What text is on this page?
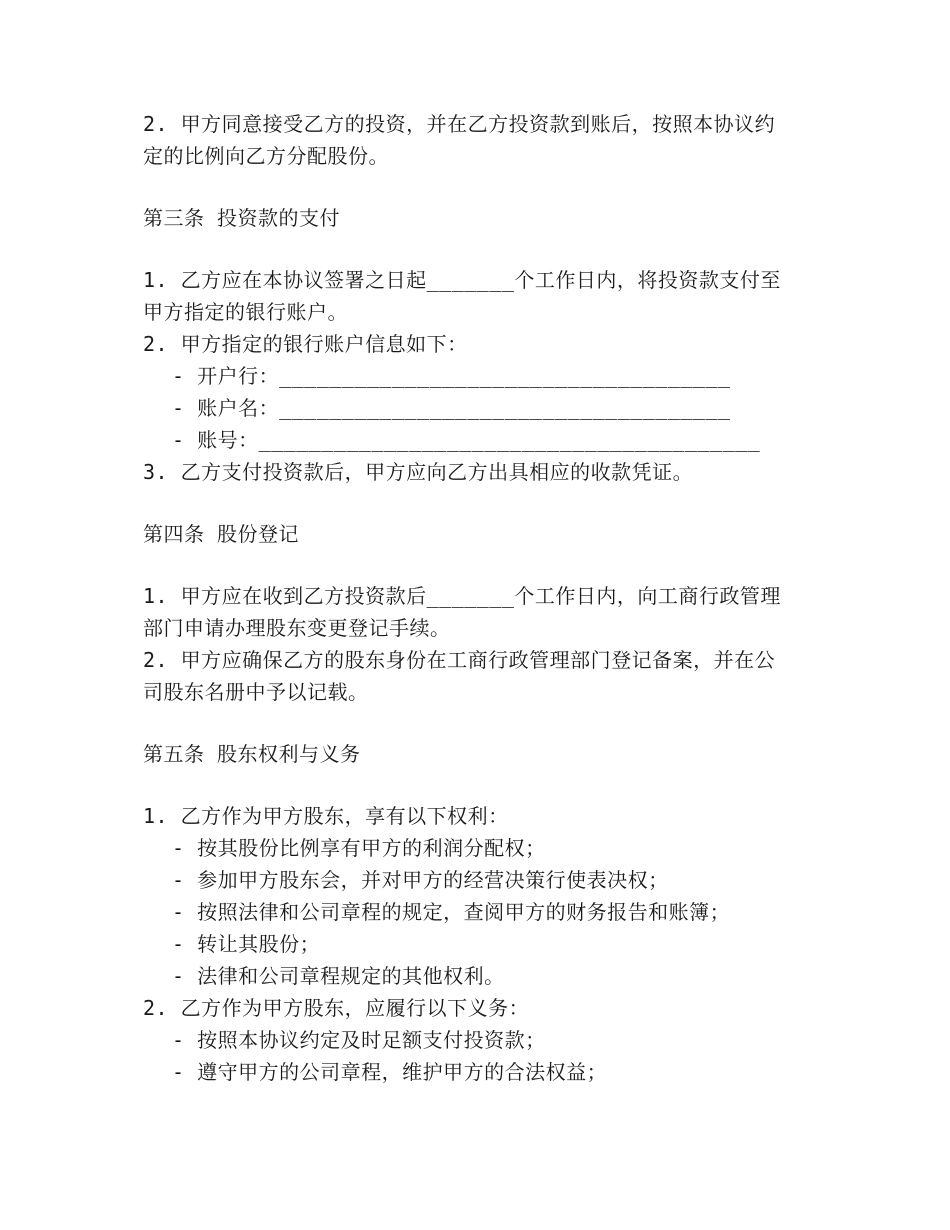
2. 甲方同意接受乙方的投资，并在乙方投资款到账后，按照本协议约
定的比例向乙方分配股份。
第三条 投资款的支付
1. 乙方应在本协议签署之日起_______个工作日内，将投资款支付至
甲方指定的银行账户。
2. 甲方指定的银行账户信息如下：
- 开户行：____________________________________
- 账户名：____________________________________
- 账号：________________________________________
3. 乙方支付投资款后，甲方应向乙方出具相应的收款凭证。
第四条 股份登记
1. 甲方应在收到乙方投资款后_______个工作日内，向工商行政管理
部门申请办理股东变更登记手续。
2. 甲方应确保乙方的股东身份在工商行政管理部门登记备案，并在公
司股东名册中予以记载。
第五条 股东权利与义务
1. 乙方作为甲方股东，享有以下权利：
- 按其股份比例享有甲方的利润分配权；
- 参加甲方股东会，并对甲方的经营决策行使表决权；
- 按照法律和公司章程的规定，查阅甲方的财务报告和账簿；
- 转让其股份；
- 法律和公司章程规定的其他权利。
2. 乙方作为甲方股东，应履行以下义务：
- 按照本协议约定及时足额支付投资款；
- 遵守甲方的公司章程，维护甲方的合法权益；
